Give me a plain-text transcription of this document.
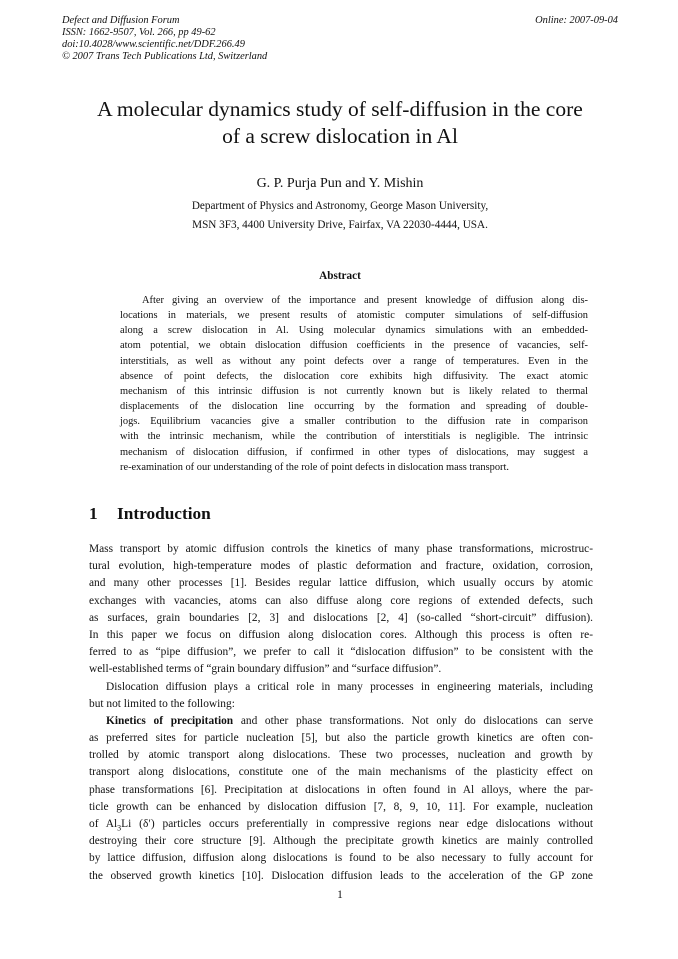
Defect and Diffusion Forum
ISSN: 1662-9507, Vol. 266, pp 49-62
doi:10.4028/www.scientific.net/DDF.266.49
© 2007 Trans Tech Publications Ltd, Switzerland
Online: 2007-09-04
A molecular dynamics study of self-diffusion in the core
of a screw dislocation in Al
G. P. Purja Pun and Y. Mishin
Department of Physics and Astronomy, George Mason University,
MSN 3F3, 4400 University Drive, Fairfax, VA 22030-4444, USA.
Abstract
After giving an overview of the importance and present knowledge of diffusion along dis-
locations in materials, we present results of atomistic computer simulations of self-diffusion
along a screw dislocation in Al. Using molecular dynamics simulations with an embedded-
atom potential, we obtain dislocation diffusion coefficients in the presence of vacancies, self-
interstitials, as well as without any point defects over a range of temperatures. Even in the
absence of point defects, the dislocation core exhibits high diffusivity. The exact atomic
mechanism of this intrinsic diffusion is not currently known but is likely related to thermal
displacements of the dislocation line occurring by the formation and spreading of double-
jogs. Equilibrium vacancies give a smaller contribution to the diffusion rate in comparison
with the intrinsic mechanism, while the contribution of interstitials is negligible. The intrinsic
mechanism of dislocation diffusion, if confirmed in other types of dislocations, may suggest a
re-examination of our understanding of the role of point defects in dislocation mass transport.
1 Introduction
Mass transport by atomic diffusion controls the kinetics of many phase transformations, microstruc-
tural evolution, high-temperature modes of plastic deformation and fracture, oxidation, corrosion,
and many other processes [1]. Besides regular lattice diffusion, which usually occurs by atomic
exchanges with vacancies, atoms can also diffuse along core regions of extended defects, such
as surfaces, grain boundaries [2, 3] and dislocations [2, 4] (so-called “short-circuit” diffusion).
In this paper we focus on diffusion along dislocation cores. Although this process is often re-
ferred to as “pipe diffusion”, we prefer to call it “dislocation diffusion” to be consistent with the
well-established terms of “grain boundary diffusion” and “surface diffusion”.
Dislocation diffusion plays a critical role in many processes in engineering materials, including
but not limited to the following:
Kinetics of precipitation and other phase transformations. Not only do dislocations can serve
as preferred sites for particle nucleation [5], but also the particle growth kinetics are often con-
trolled by atomic transport along dislocations. These two processes, nucleation and growth by
transport along dislocations, constitute one of the main mechanisms of the plasticity effect on
phase transformations [6]. Precipitation at dislocations in often found in Al alloys, where the par-
ticle growth can be enhanced by dislocation diffusion [7, 8, 9, 10, 11]. For example, nucleation
of $Al_3Li$ (δ′) particles occurs preferentially in compressive regions near edge dislocations without
destroying their core structure [9]. Although the precipitate growth kinetics are mainly controlled
by lattice diffusion, diffusion along dislocations is found to be also necessary to fully account for
the observed growth kinetics [10]. Dislocation diffusion leads to the acceleration of the GP zone
1
